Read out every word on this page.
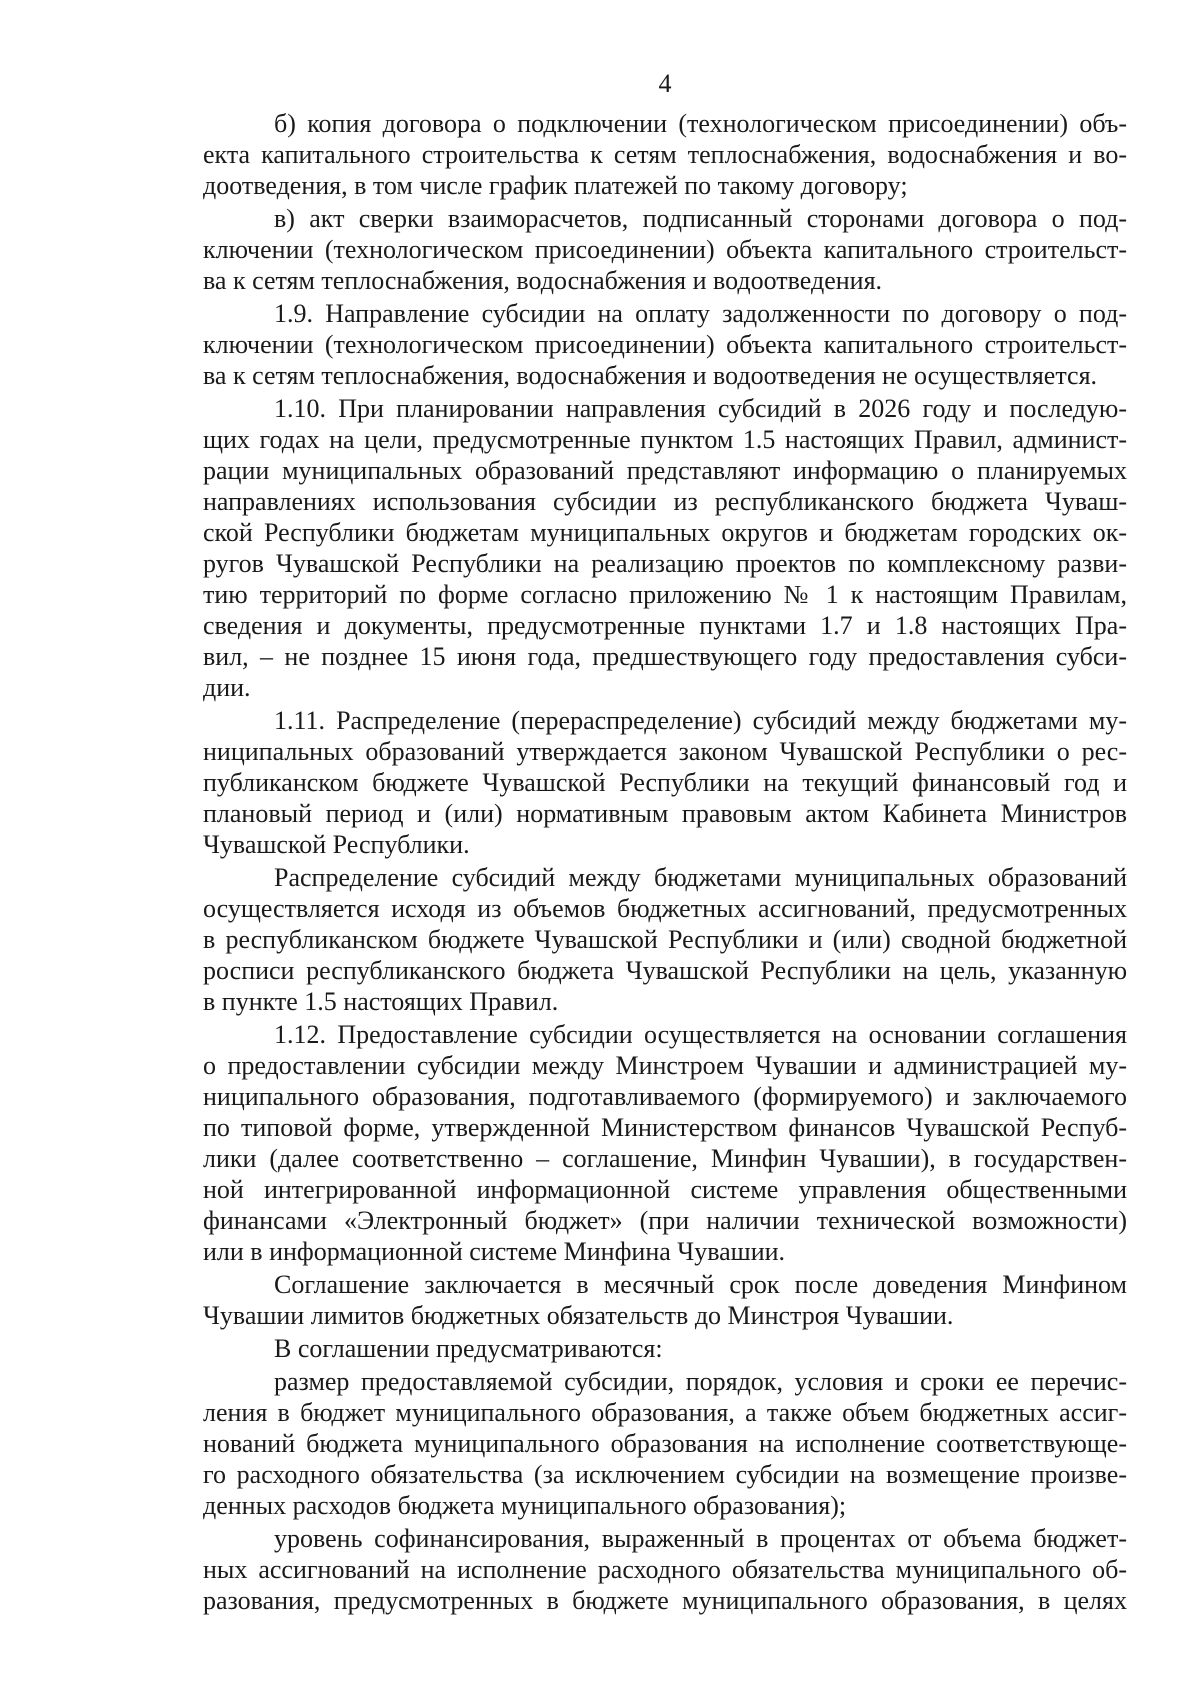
4
б) копия договора о подключении (технологическом присоединении) объ-
екта капитального строительства к сетям теплоснабжения, водоснабжения и во-
доотведения, в том числе график платежей по такому договору;
в) акт сверки взаиморасчетов, подписанный сторонами договора о под-
ключении (технологическом присоединении) объекта капитального строительст-
ва к сетям теплоснабжения, водоснабжения и водоотведения.
1.9. Направление субсидии на оплату задолженности по договору о под-
ключении (технологическом присоединении) объекта капитального строительст-
ва к сетям теплоснабжения, водоснабжения и водоотведения не осуществляется.
1.10. При планировании направления субсидий в 2026 году и последую-
щих годах на цели, предусмотренные пунктом 1.5 настоящих Правил, админист-
рации муниципальных образований представляют информацию о планируемых
направлениях использования субсидии из республиканского бюджета Чуваш-
ской Республики бюджетам муниципальных округов и бюджетам городских ок-
ругов Чувашской Республики на реализацию проектов по комплексному разви-
тию территорий по форме согласно приложению № 1 к настоящим Правилам,
сведения и документы, предусмотренные пунктами 1.7 и 1.8 настоящих Пра-
вил, – не позднее 15 июня года, предшествующего году предоставления субси-
дии.
1.11. Распределение (перераспределение) субсидий между бюджетами му-
ниципальных образований утверждается законом Чувашской Республики о рес-
публиканском бюджете Чувашской Республики на текущий финансовый год и
плановый период и (или) нормативным правовым актом Кабинета Министров
Чувашской Республики.
Распределение субсидий между бюджетами муниципальных образований
осуществляется исходя из объемов бюджетных ассигнований, предусмотренных
в республиканском бюджете Чувашской Республики и (или) сводной бюджетной
росписи республиканского бюджета Чувашской Республики на цель, указанную
в пункте 1.5 настоящих Правил.
1.12. Предоставление субсидии осуществляется на основании соглашения
о предоставлении субсидии между Минстроем Чувашии и администрацией му-
ниципального образования, подготавливаемого (формируемого) и заключаемого
по типовой форме, утвержденной Министерством финансов Чувашской Респуб-
лики (далее соответственно – соглашение, Минфин Чувашии), в государствен-
ной интегрированной информационной системе управления общественными
финансами «Электронный бюджет» (при наличии технической возможности)
или в информационной системе Минфина Чувашии.
Соглашение заключается в месячный срок после доведения Минфином
Чувашии лимитов бюджетных обязательств до Минстроя Чувашии.
В соглашении предусматриваются:
размер предоставляемой субсидии, порядок, условия и сроки ее перечис-
ления в бюджет муниципального образования, а также объем бюджетных ассиг-
нований бюджета муниципального образования на исполнение соответствующе-
го расходного обязательства (за исключением субсидии на возмещение произве-
денных расходов бюджета муниципального образования);
уровень софинансирования, выраженный в процентах от объема бюджет-
ных ассигнований на исполнение расходного обязательства муниципального об-
разования, предусмотренных в бюджете муниципального образования, в целях
